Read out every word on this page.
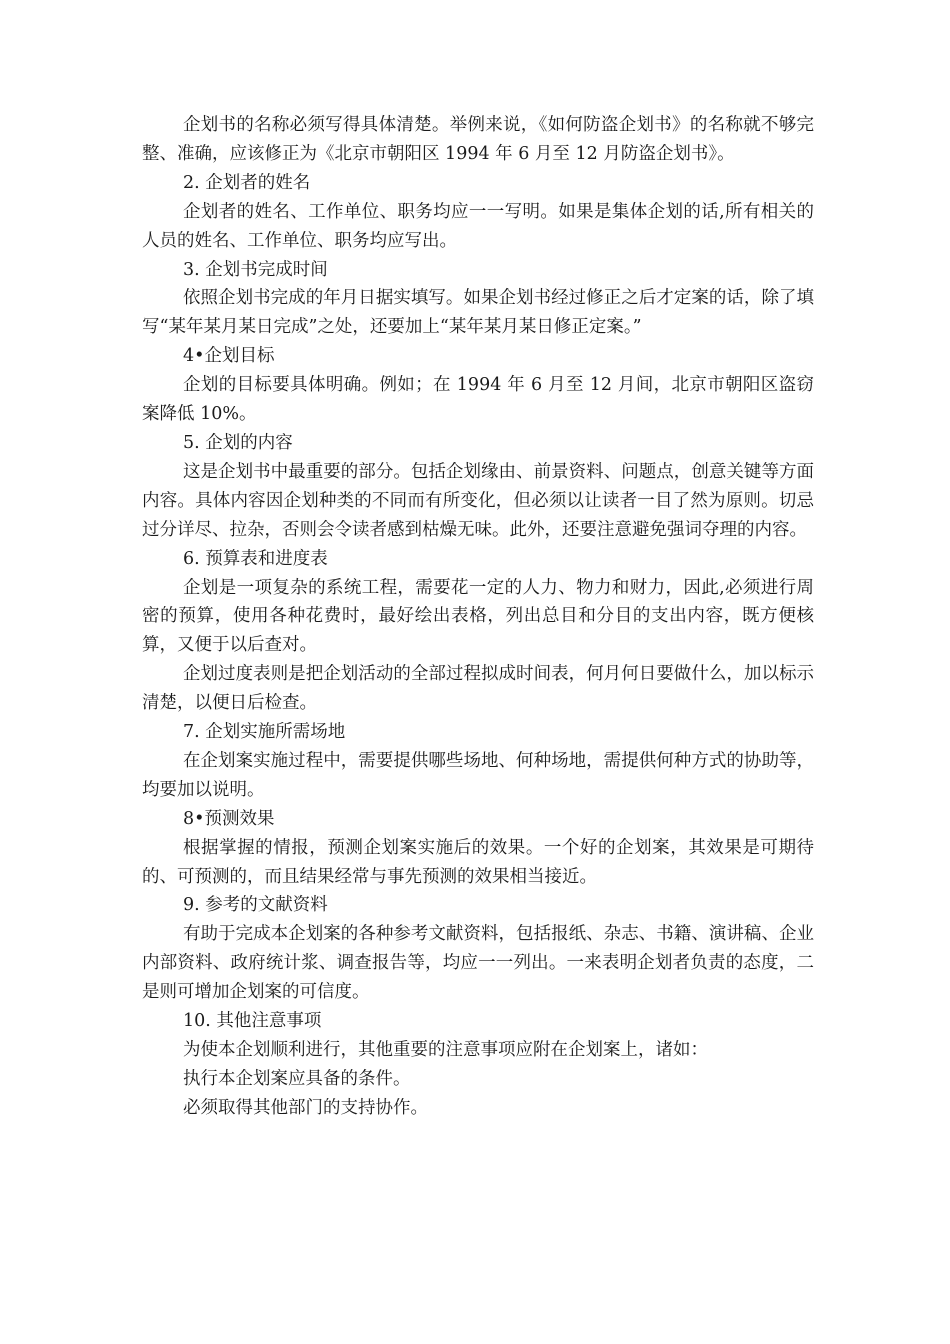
企划书的名称必须写得具体清楚。举例来说，《如何防盗企划书》的名称就不够完整、准确，应该修正为《北京市朝阳区 1994 年 6 月至 12 月防盗企划书》。

2. 企划者的姓名

企划者的姓名、工作单位、职务均应一一写明。如果是集体企划的话,所有相关的人员的姓名、工作单位、职务均应写出。

3. 企划书完成时间

依照企划书完成的年月日据实填写。如果企划书经过修正之后才定案的话，除了填写“某年某月某日完成”之处，还要加上“某年某月某日修正定案。”

4•企划目标

企划的目标要具体明确。例如；在 1994 年 6 月至 12 月间，北京市朝阳区盗窃案降低 10%。

5. 企划的内容

这是企划书中最重要的部分。包括企划缘由、前景资料、问题点，创意关键等方面内容。具体内容因企划种类的不同而有所变化，但必须以让读者一目了然为原则。切忌过分详尽、拉杂，否则会令读者感到枯燥无味。此外，还要注意避免强词夺理的内容。

6. 预算表和进度表

企划是一项复杂的系统工程，需要花一定的人力、物力和财力，因此,必须进行周密的预算，使用各种花费时，最好绘出表格，列出总目和分目的支出内容，既方便核算，又便于以后查对。

企划过度表则是把企划活动的全部过程拟成时间表，何月何日要做什么，加以标示清楚，以便日后检查。

7. 企划实施所需场地

在企划案实施过程中，需要提供哪些场地、何种场地，需提供何种方式的协助等，均要加以说明。

8•预测效果

根据掌握的情报，预测企划案实施后的效果。一个好的企划案，其效果是可期待的、可预测的，而且结果经常与事先预测的效果相当接近。

9. 参考的文献资料

有助于完成本企划案的各种参考文献资料，包括报纸、杂志、书籍、演讲稿、企业内部资料、政府统计浆、调查报告等，均应一一列出。一来表明企划者负责的态度，二是则可增加企划案的可信度。

10. 其他注意事项

为使本企划顺利进行，其他重要的注意事项应附在企划案上，诸如：

执行本企划案应具备的条件。

必须取得其他部门的支持协作。
